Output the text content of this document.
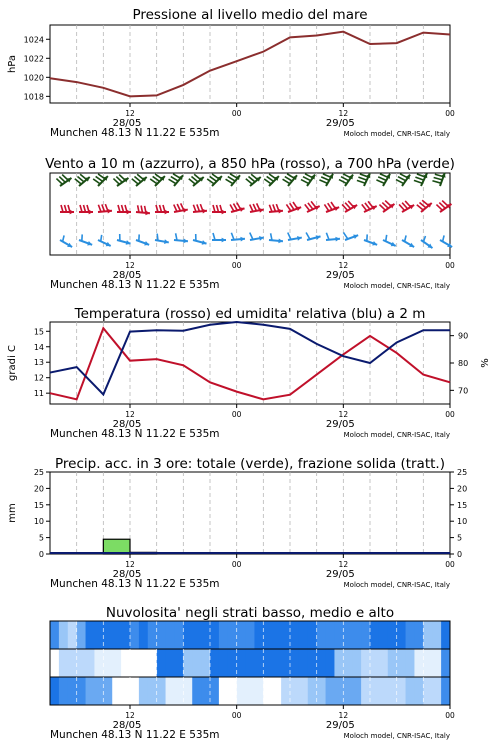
Pressione al livello medio del mare
12	00	12	00
28/05	29/05
Munchen 48.13 N 11.22 E 535m	Moloch model, CNR-ISAC, Italy
1018
1020
1022
1024
hPa
Vento a 10 m (azzurro), a 850 hPa (rosso), a 700 hPa (verde)
12	00	12	00
28/05	29/05
Munchen 48.13 N 11.22 E 535m	Moloch model, CNR-ISAC, Italy
Temperatura (rosso) ed umidita' relativa (blu) a 2 m
12	00	12	00
28/05	29/05
Munchen 48.13 N 11.22 E 535m	Moloch model, CNR-ISAC, Italy
11
12
13
14
15
70
80
90
gradi C	%
Precip. acc. in 3 ore: totale (verde), frazione solida (tratt.)
12	00	12	00
28/05	29/05
Munchen 48.13 N 11.22 E 535m	Moloch model, CNR-ISAC, Italy
0	0
5	5
10	10
15	15
20	20
25	25
mm
Nuvolosita' negli strati basso, medio e alto
12	00	12	00
28/05	29/05
Munchen 48.13 N 11.22 E 535m	Moloch model, CNR-ISAC, Italy
